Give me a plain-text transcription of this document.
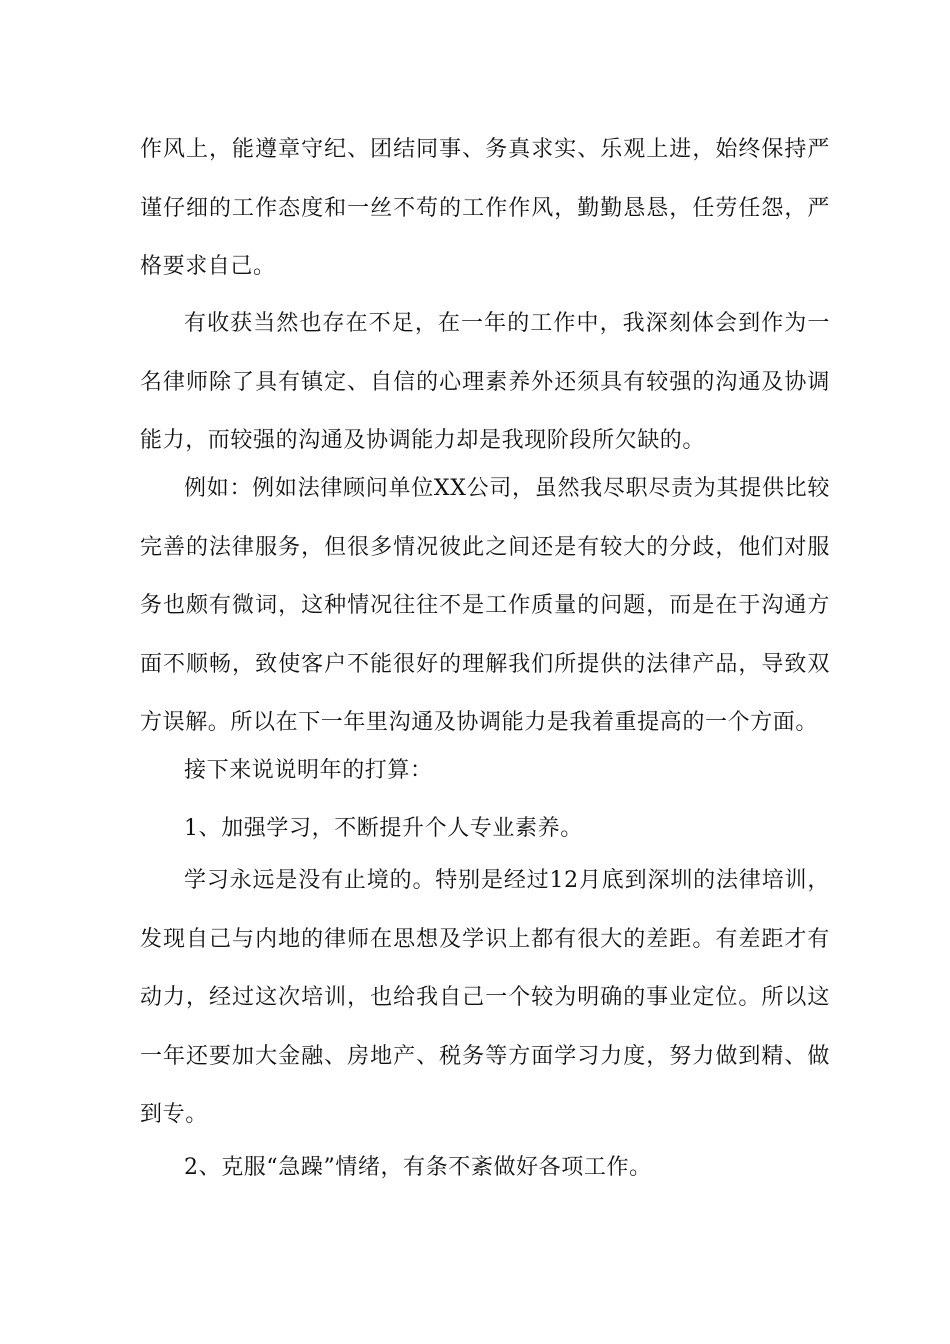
作风上，能遵章守纪、团结同事、务真求实、乐观上进，始终保持严谨仔细的工作态度和一丝不苟的工作作风，勤勤恳恳，任劳任怨，严格要求自己。

有收获当然也存在不足，在一年的工作中，我深刻体会到作为一名律师除了具有镇定、自信的心理素养外还须具有较强的沟通及协调能力，而较强的沟通及协调能力却是我现阶段所欠缺的。

例如：例如法律顾问单位XX公司，虽然我尽职尽责为其提供比较完善的法律服务，但很多情况彼此之间还是有较大的分歧，他们对服务也颇有微词，这种情况往往不是工作质量的问题，而是在于沟通方面不顺畅，致使客户不能很好的理解我们所提供的法律产品，导致双方误解。所以在下一年里沟通及协调能力是我着重提高的一个方面。

接下来说说明年的打算：

1、加强学习，不断提升个人专业素养。

学习永远是没有止境的。特别是经过12月底到深圳的法律培训，发现自己与内地的律师在思想及学识上都有很大的差距。有差距才有动力，经过这次培训，也给我自己一个较为明确的事业定位。所以这一年还要加大金融、房地产、税务等方面学习力度，努力做到精、做到专。

2、克服“急躁”情绪，有条不紊做好各项工作。
